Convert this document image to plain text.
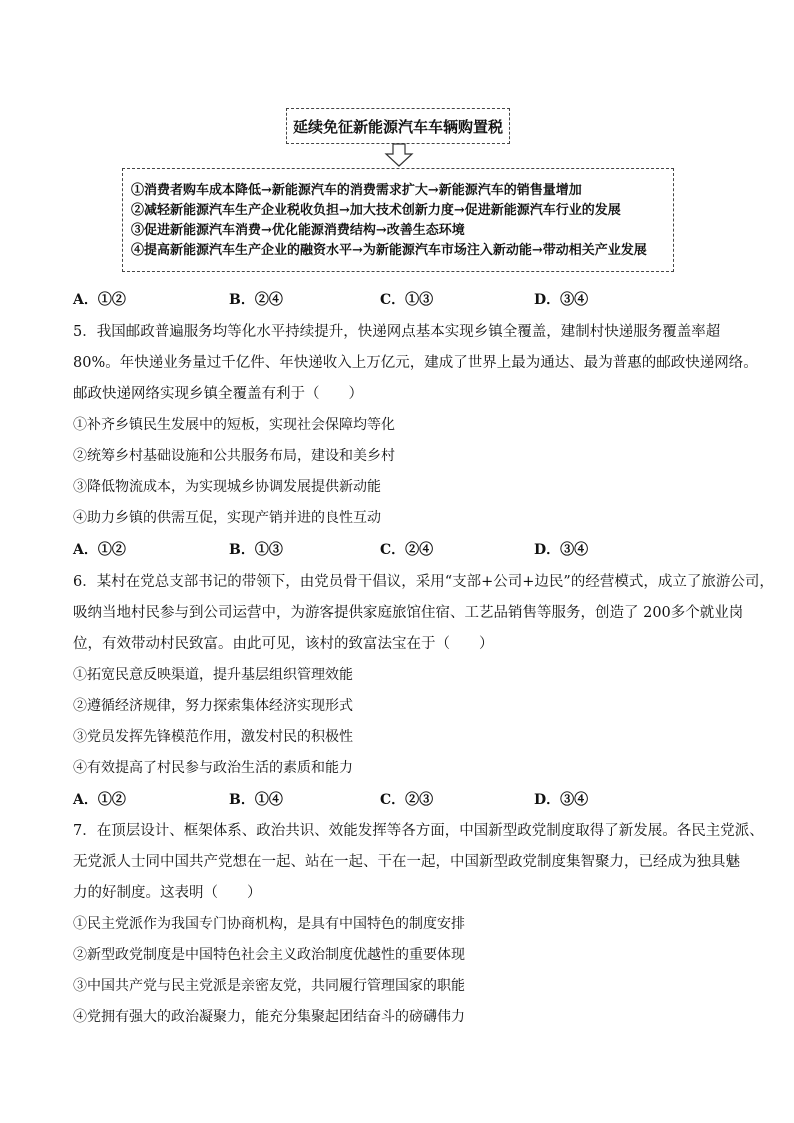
延续免征新能源汽车车辆购置税
①消费者购车成本降低→新能源汽车的消费需求扩大→新能源汽车的销售量增加
②减轻新能源汽车生产企业税收负担→加大技术创新力度→促进新能源汽车行业的发展
③促进新能源汽车消费→优化能源消费结构→改善生态环境
④提高新能源汽车生产企业的融资水平→为新能源汽车市场注入新动能→带动相关产业发展
A．①②	B．②④	C．①③	D．③④
5．我国邮政普遍服务均等化水平持续提升，快递网点基本实现乡镇全覆盖，建制村快递服务覆盖率超
80%。年快递业务量过千亿件、年快递收入上万亿元，建成了世界上最为通达、最为普惠的邮政快递网络。
邮政快递网络实现乡镇全覆盖有利于（　　）
①补齐乡镇民生发展中的短板，实现社会保障均等化
②统筹乡村基础设施和公共服务布局，建设和美乡村
③降低物流成本，为实现城乡协调发展提供新动能
④助力乡镇的供需互促，实现产销并进的良性互动
A．①②	B．①③	C．②④	D．③④
6．某村在党总支部书记的带领下，由党员骨干倡议，采用“支部+公司+边民”的经营模式，成立了旅游公司，
吸纳当地村民参与到公司运营中，为游客提供家庭旅馆住宿、工艺品销售等服务，创造了 200多个就业岗
位，有效带动村民致富。由此可见，该村的致富法宝在于（　　）
①拓宽民意反映渠道，提升基层组织管理效能
②遵循经济规律，努力探索集体经济实现形式
③党员发挥先锋模范作用，激发村民的积极性
④有效提高了村民参与政治生活的素质和能力
A．①②	B．①④	C．②③	D．③④
7．在顶层设计、框架体系、政治共识、效能发挥等各方面，中国新型政党制度取得了新发展。各民主党派、
无党派人士同中国共产党想在一起、站在一起、干在一起，中国新型政党制度集智聚力，已经成为独具魅
力的好制度。这表明（　　）
①民主党派作为我国专门协商机构，是具有中国特色的制度安排
②新型政党制度是中国特色社会主义政治制度优越性的重要体现
③中国共产党与民主党派是亲密友党，共同履行管理国家的职能
④党拥有强大的政治凝聚力，能充分集聚起团结奋斗的磅礴伟力
